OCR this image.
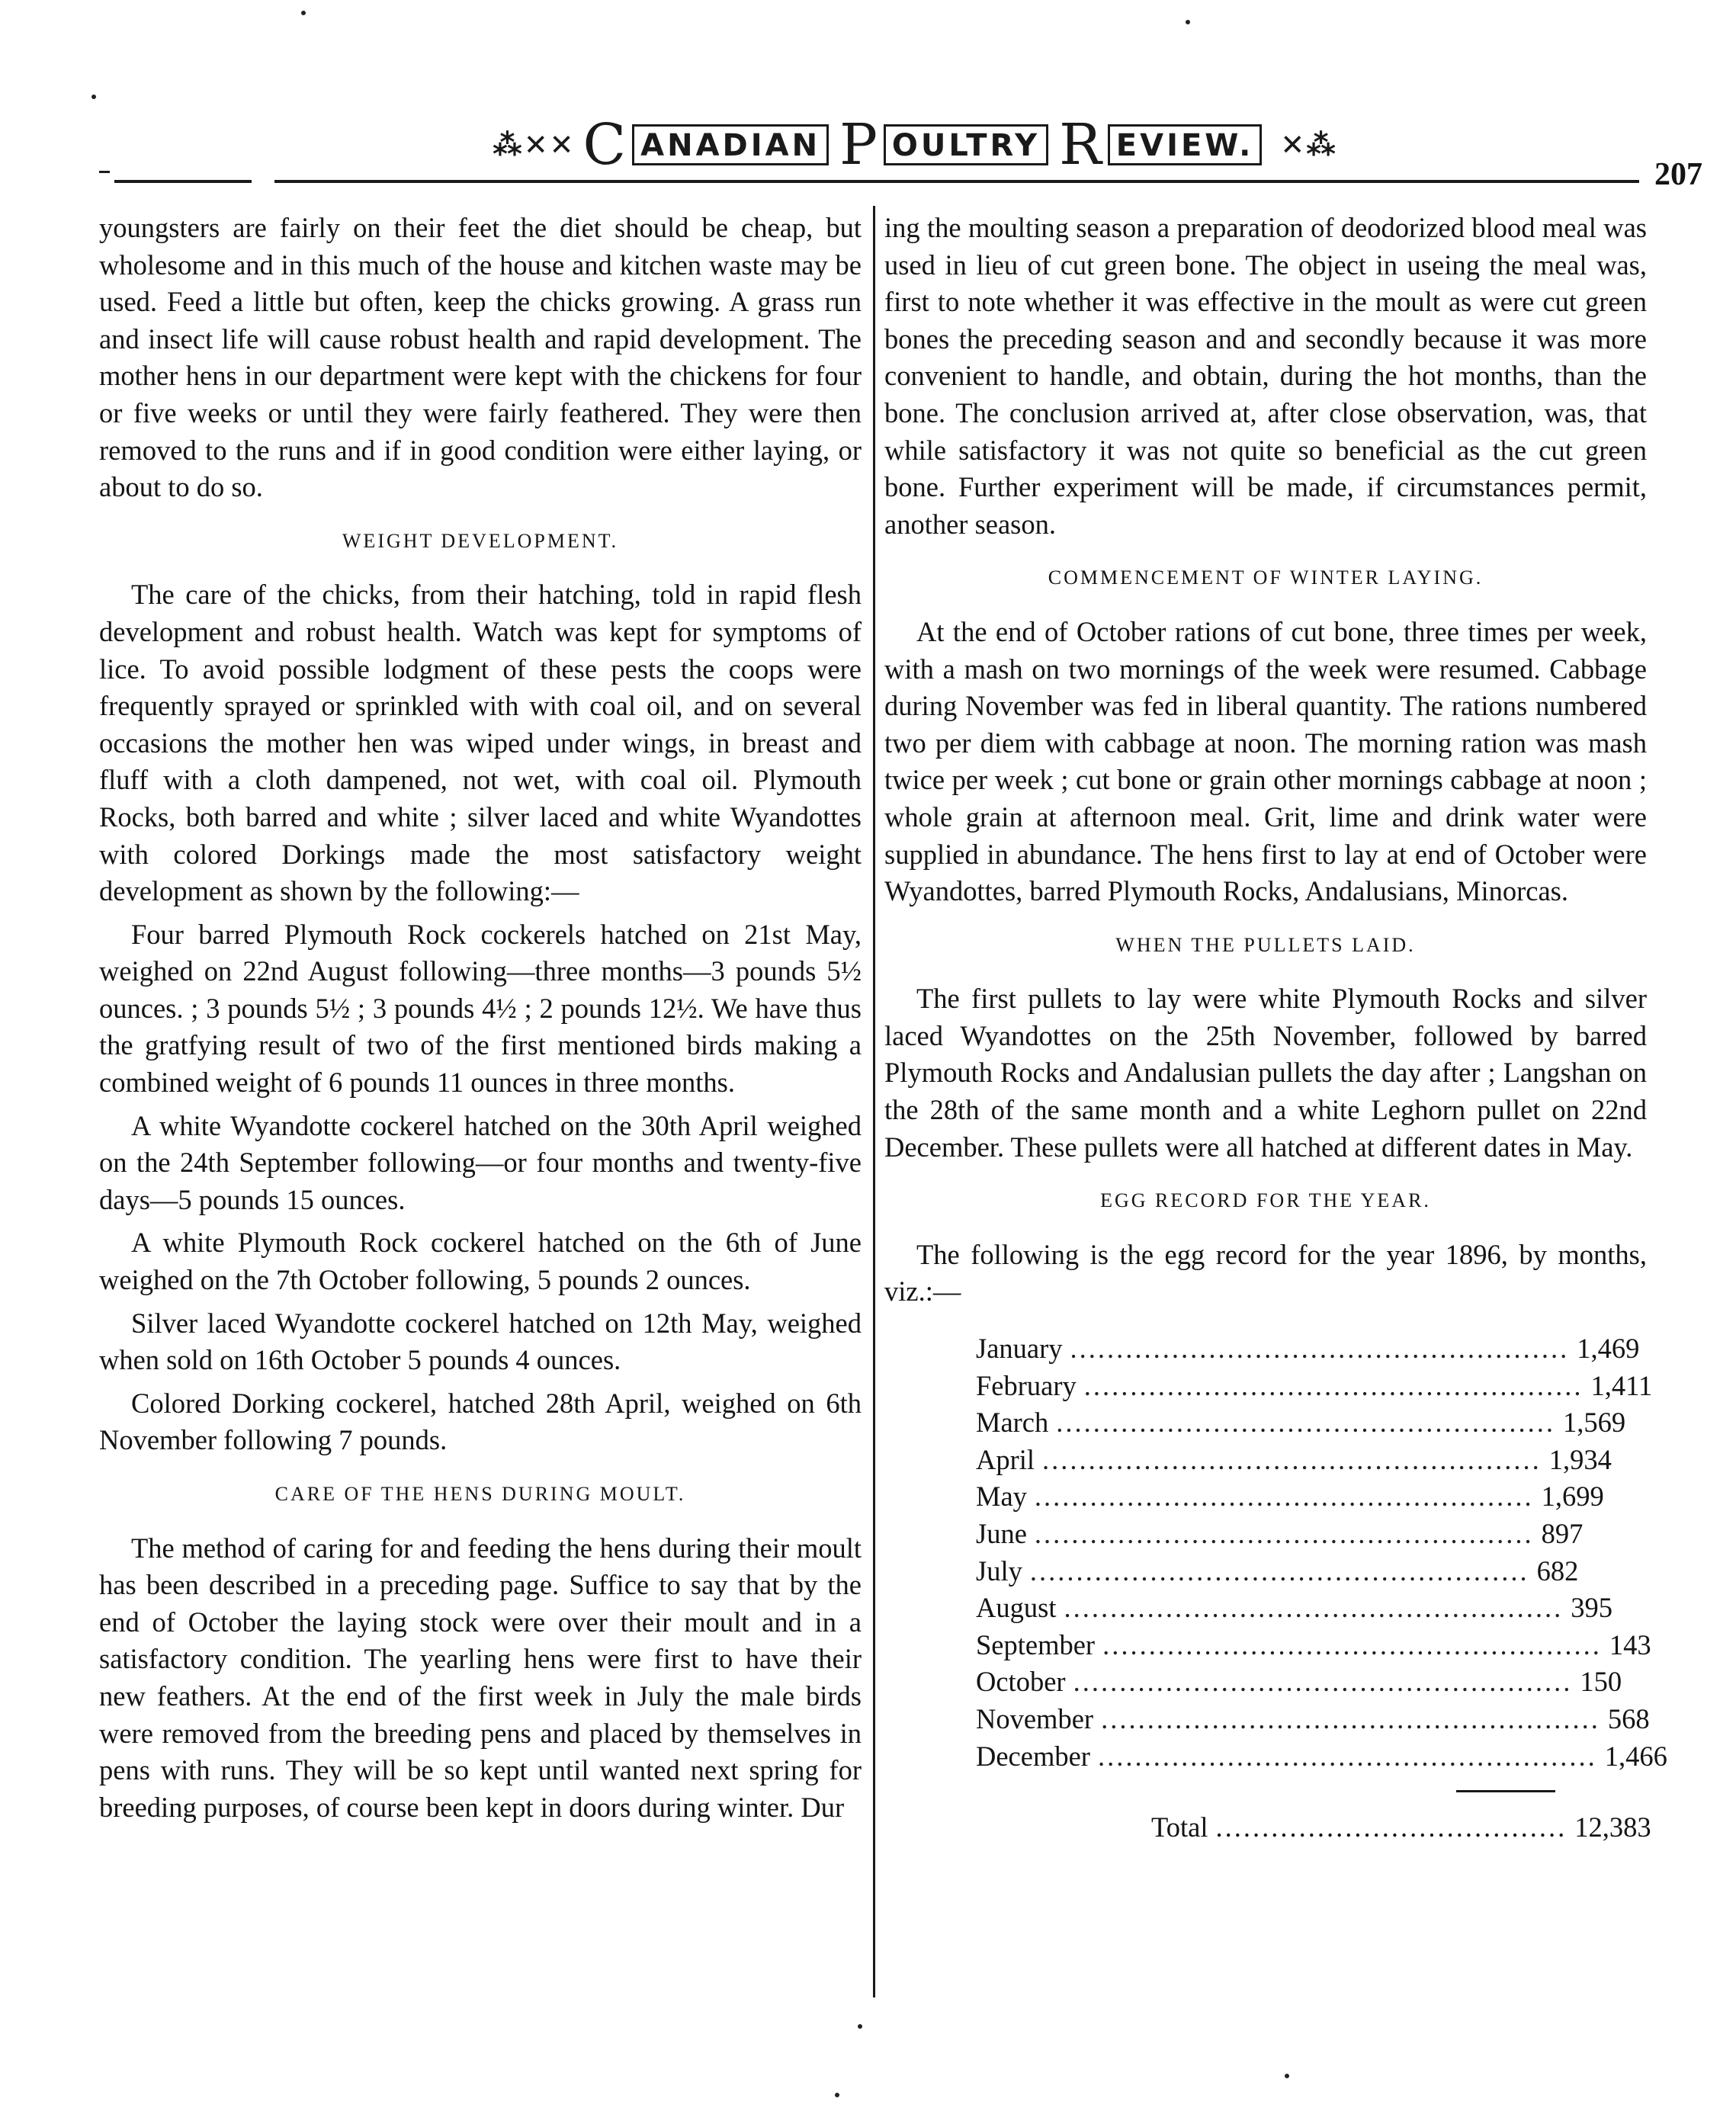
⁂✕✕ C ANADIAN P OULTRY R EVIEW. ✕⁂
207

youngsters are fairly on their feet the diet should be cheap, but wholesome and in this much of the house and kitchen waste may be used. Feed a little but often, keep the chicks growing. A grass run and insect life will cause robust health and rapid development. The mother hens in our department were kept with the chickens for four or five weeks or until they were fairly feathered. They were then removed to the runs and if in good condition were either laying, or about to do so.

WEIGHT DEVELOPMENT.

The care of the chicks, from their hatching, told in rapid flesh development and robust health. Watch was kept for symptoms of lice. To avoid possible lodgment of these pests the coops were frequently sprayed or sprinkled with with coal oil, and on several occasions the mother hen was wiped under wings, in breast and fluff with a cloth dampened, not wet, with coal oil. Plymouth Rocks, both barred and white ; silver laced and white Wyandottes with colored Dorkings made the most satisfactory weight development as shown by the following:—

Four barred Plymouth Rock cockerels hatched on 21st May, weighed on 22nd August following—three months—3 pounds 5½ ounces. ; 3 pounds 5½ ; 3 pounds 4½ ; 2 pounds 12½. We have thus the gratfying result of two of the first mentioned birds making a combined weight of 6 pounds 11 ounces in three months.

A white Wyandotte cockerel hatched on the 30th April weighed on the 24th September following—or four months and twenty-five days—5 pounds 15 ounces.

A white Plymouth Rock cockerel hatched on the 6th of June weighed on the 7th October following, 5 pounds 2 ounces.

Silver laced Wyandotte cockerel hatched on 12th May, weighed when sold on 16th October 5 pounds 4 ounces.

Colored Dorking cockerel, hatched 28th April, weighed on 6th November following 7 pounds.

CARE OF THE HENS DURING MOULT.

The method of caring for and feeding the hens during their moult has been described in a preceding page. Suffice to say that by the end of October the laying stock were over their moult and in a satisfactory condition. The yearling hens were first to have their new feathers. At the end of the first week in July the male birds were removed from the breeding pens and placed by themselves in pens with runs. They will be so kept until wanted next spring for breeding purposes, of course been kept in doors during winter. Dur

ing the moulting season a preparation of deodorized blood meal was used in lieu of cut green bone. The object in useing the meal was, first to note whether it was effective in the moult as were cut green bones the preceding season and and secondly because it was more convenient to handle, and obtain, during the hot months, than the bone. The conclusion arrived at, after close observation, was, that while satisfactory it was not quite so beneficial as the cut green bone. Further experiment will be made, if circumstances permit, another season.

COMMENCEMENT OF WINTER LAYING.

At the end of October rations of cut bone, three times per week, with a mash on two mornings of the week were resumed. Cabbage during November was fed in liberal quantity. The rations numbered two per diem with cabbage at noon. The morning ration was mash twice per week ; cut bone or grain other mornings cabbage at noon ; whole grain at afternoon meal. Grit, lime and drink water were supplied in abundance. The hens first to lay at end of October were Wyandottes, barred Plymouth Rocks, Andalusians, Minorcas.

WHEN THE PULLETS LAID.

The first pullets to lay were white Plymouth Rocks and silver laced Wyandottes on the 25th November, followed by barred Plymouth Rocks and Andalusian pullets the day after ; Langshan on the 28th of the same month and a white Leghorn pullet on 22nd December. These pullets were all hatched at different dates in May.

EGG RECORD FOR THE YEAR.

The following is the egg record for the year 1896, by months, viz.:—

January ...................................................... 1,469
February ...................................................... 1,411
March ...................................................... 1,569
April ...................................................... 1,934
May ...................................................... 1,699
June ...................................................... 897
July ...................................................... 682
August ...................................................... 395
September ...................................................... 143
October ...................................................... 150
November ...................................................... 568
December ...................................................... 1,466
Total ...................................... 12,383
